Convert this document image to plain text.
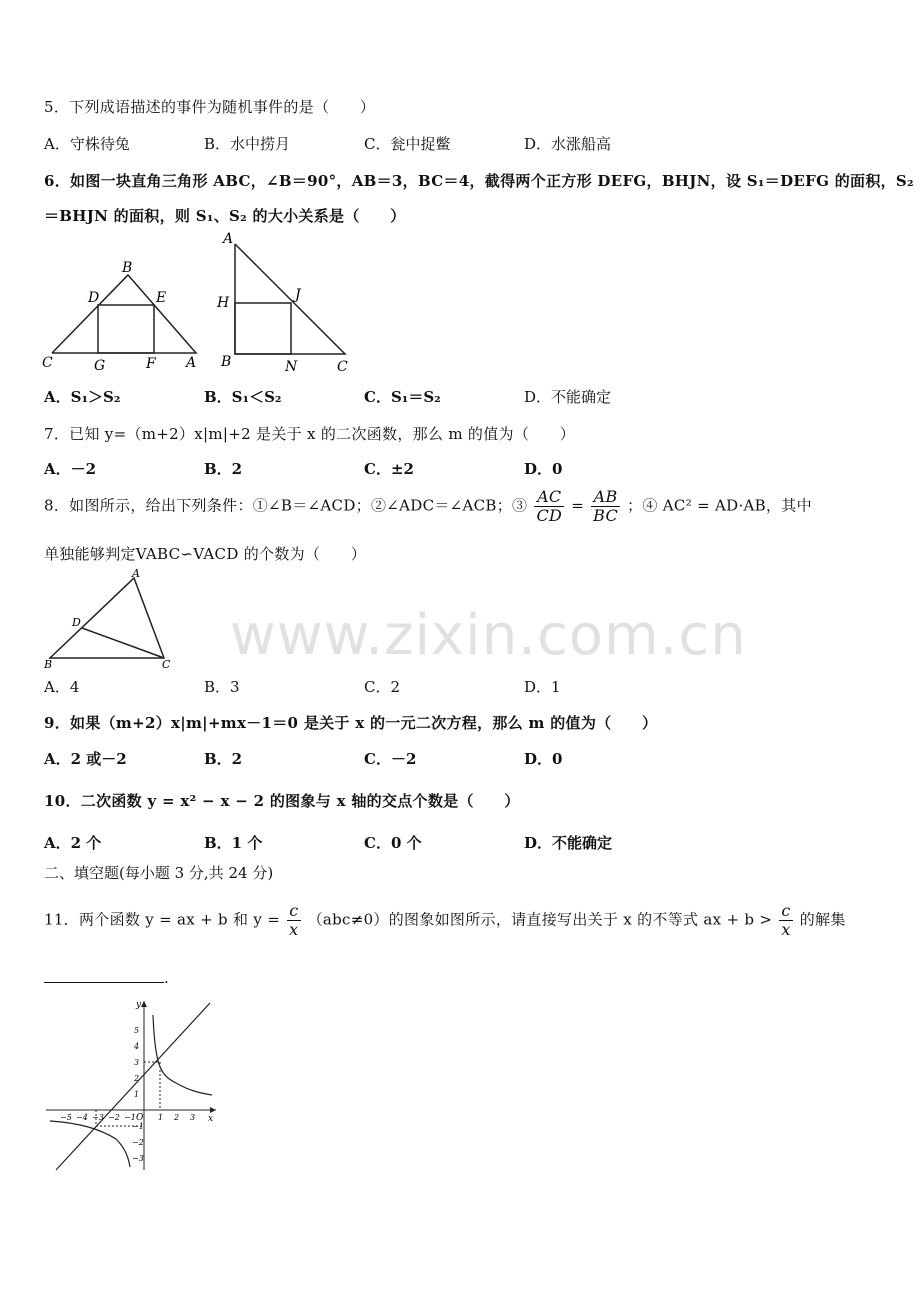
5．下列成语描述的事件为随机事件的是（　　）
A．守株待兔	B．水中捞月	C．瓮中捉鳖	D．水涨船高
6．如图一块直角三角形 ABC，∠B＝90°，AB＝3，BC＝4，截得两个正方形 DEFG，BHJN，设 S₁＝DEFG 的面积，S₂
＝BHJN 的面积，则 S₁、S₂ 的大小关系是（　　）
B
D	E
C	G	F A
A
H	J
B	N	C
A．S₁＞S₂	B．S₁＜S₂	C．S₁＝S₂	D．不能确定
7．已知 y=（m+2）x|m|+2 是关于 x 的二次函数，那么 m 的值为（　　）
A．－2	B．2	C．±2	D．0
8．如图所示，给出下列条件：①∠B＝∠ACD；②∠ADC＝∠ACB；③ $\frac{AC}{CD} = \frac{AB}{BC}$ ；④ AC² = AD·AB，其中
单独能够判定VABC∽VACD 的个数为（　　）
A
D
B	C www.zixin.com.cn
A．4	B．3	C．2	D．1
9．如果（m+2）x|m|+mx－1＝0 是关于 x 的一元二次方程，那么 m 的值为（　　）
A．2 或－2	B．2	C．－2	D．0
10．二次函数 y = x² − x − 2 的图象与 x 轴的交点个数是（　　）
A．2 个	B．1 个	C．0 个	D．不能确定
二、填空题(每小题 3 分,共 24 分)
11．两个函数 y = ax + b 和 $y = \frac{c}{x} (abc\ne 0)$的图象如图所示，请直接写出关于 x 的不等式 ax + $b > \frac{c}{x}$ 的解集
.
y
x
O
−5 −4 −3 −2 −1	1 2 3
5
4
3
2
1
−1
−2
−3
